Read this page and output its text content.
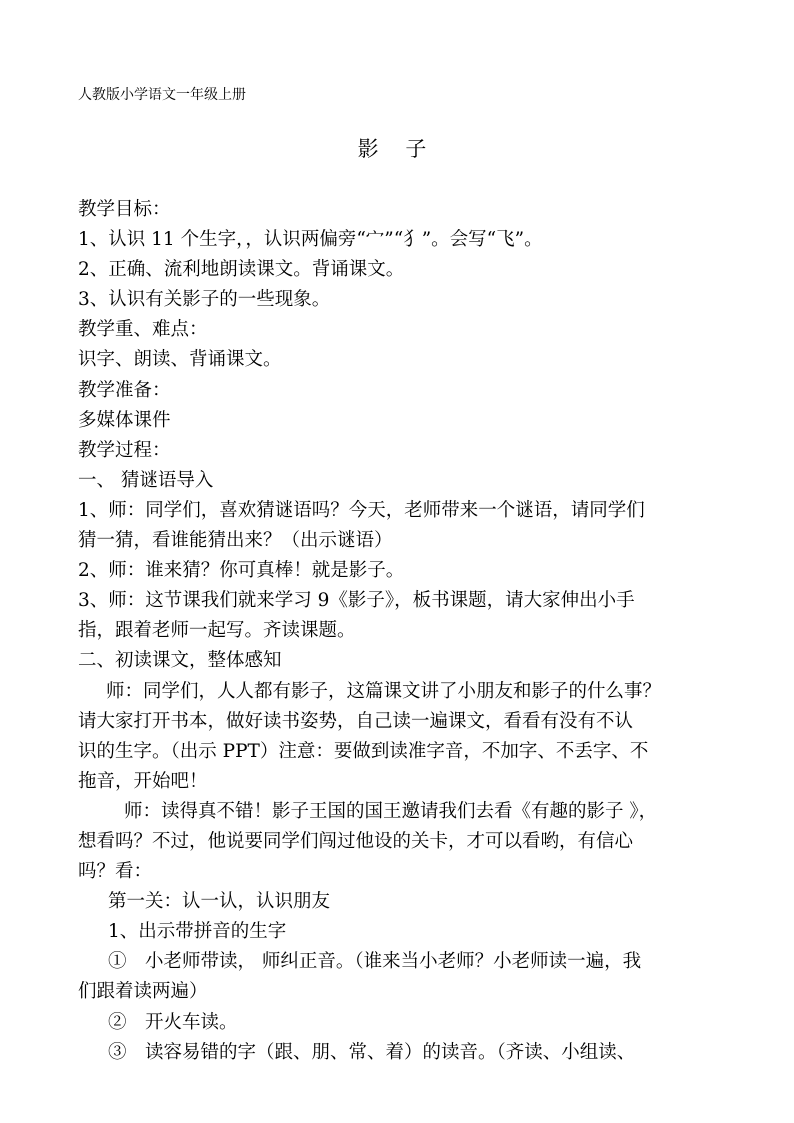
人教版小学语文一年级上册
影 子
教学目标：
1、认识 11 个生字，，认识两偏旁“宀”“犭”。会写“飞”。
2、正确、流利地朗读课文。背诵课文。
3、认识有关影子的一些现象。
教学重、难点：
识字、朗读、背诵课文。
教学准备：
多媒体课件
教学过程：
一、 猜谜语导入
1、师：同学们，喜欢猜谜语吗？今天，老师带来一个谜语，请同学们
猜一猜，看谁能猜出来？（出示谜语）
2、师：谁来猜？你可真棒！就是影子。
3、师：这节课我们就来学习 9《影子》，板书课题，请大家伸出小手
指，跟着老师一起写。齐读课题。
二、初读课文，整体感知
师：同学们，人人都有影子，这篇课文讲了小朋友和影子的什么事？
请大家打开书本，做好读书姿势，自己读一遍课文，看看有没有不认
识的生字。（出示 PPT）注意：要做到读准字音，不加字、不丢字、不
拖音，开始吧！
师：读得真不错！影子王国的国王邀请我们去看《有趣的影子 》，
想看吗？不过，他说要同学们闯过他设的关卡，才可以看哟，有信心
吗？看：
第一关：认一认，认识朋友
1、出示带拼音的生字
①　小老师带读， 师纠正音。（谁来当小老师？小老师读一遍，我
们跟着读两遍）
②　开火车读。
③　读容易错的字（跟、朋、常、着）的读音。（齐读、小组读、
